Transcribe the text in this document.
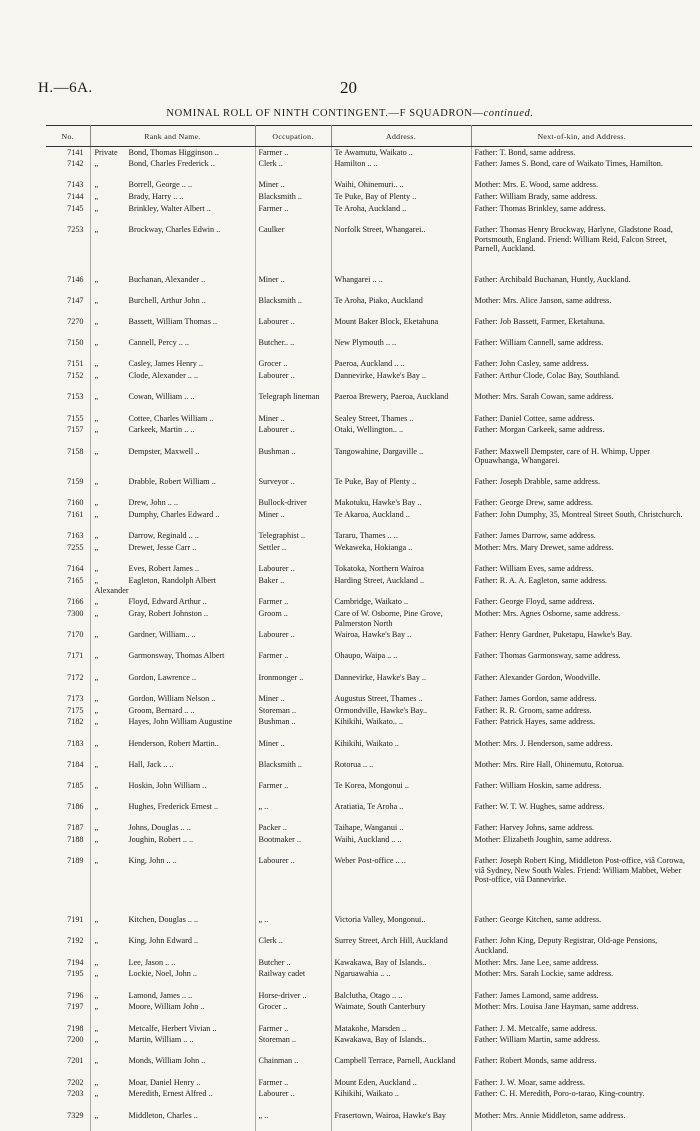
H.—6A.	20
NOMINAL ROLL OF NINTH CONTINGENT.—F SQUADRON—continued.
No.	Rank and Name.	Occupation.	Address.	Next-of-kin, and Address.
7141	Private Bond, Thomas Higginson ..	Farmer ..	Te Awamutu, Waikato ..	Father: T. Bond, same address.
7142	„ Bond, Charles Frederick ..	Clerk ..	Hamilton .. ..	Father: James S. Bond, care of Waikato Times, Hamilton.
7143	„ Borrell, George .. ..	Miner ..	Waihi, Ohinemuri.. ..	Mother: Mrs. E. Wood, same address.
7144	„ Brady, Harry .. ..	Blacksmith ..	Te Puke, Bay of Plenty ..	Father: William Brady, same address.
7145	„ Brinkley, Walter Albert ..	Farmer ..	Te Aroha, Auckland ..	Father: Thomas Brinkley, same address.
7253	„ Brockway, Charles Edwin ..	Caulker	Norfolk Street, Whangarei..	Father: Thomas Henry Brockway, Harlyne, Gladstone Road, Portsmouth, England. Friend: William Reid, Falcon Street, Parnell, Auckland.
7146	„ Buchanan, Alexander ..	Miner ..	Whangarei .. ..	Father: Archibald Buchanan, Huntly, Auckland.
7147	„ Burchell, Arthur John ..	Blacksmith ..	Te Aroha, Piako, Auckland	Mother: Mrs. Alice Janson, same address.
7270	„ Bassett, William Thomas ..	Labourer ..	Mount Baker Block, Eketahuna	Father: Job Bassett, Farmer, Eketahuna.
7150	„ Cannell, Percy .. ..	Butcher.. ..	New Plymouth .. ..	Father: William Cannell, same address.
7151	„ Casley, James Henry ..	Grocer ..	Paeroa, Auckland .. ..	Father: John Casley, same address.
7152	„ Clode, Alexander .. ..	Labourer ..	Dannevirke, Hawke's Bay ..	Father: Arthur Clode, Colac Bay, Southland.
7153	„ Cowan, William .. ..	Telegraph lineman	Paeroa Brewery, Paeroa, Auckland	Mother: Mrs. Sarah Cowan, same address.
7155	„ Cottee, Charles William ..	Miner ..	Sealey Street, Thames ..	Father: Daniel Cottee, same address.
7157	„ Carkeek, Martin .. ..	Labourer ..	Otaki, Wellington.. ..	Father: Morgan Carkeek, same address.
7158	„ Dempster, Maxwell ..	Bushman ..	Tangowahine, Dargaville ..	Father: Maxwell Dempster, care of H. Whimp, Upper Opuawhanga, Whangarei.
7159	„ Drabble, Robert William ..	Surveyor ..	Te Puke, Bay of Plenty ..	Father: Joseph Drabble, same address.
7160	„ Drew, John .. ..	Bullock-driver	Makotuku, Hawke's Bay ..	Father: George Drew, same address.
7161	„ Dumphy, Charles Edward ..	Miner ..	Te Akaroa, Auckland ..	Father: John Dumphy, 35, Montreal Street South, Christchurch.
7163	„ Darrow, Reginald .. ..	Telegraphist ..	Tararu, Thames .. ..	Father: James Darrow, same address.
7255	„ Drewet, Jesse Carr ..	Settler ..	Wekaweka, Hokianga ..	Mother: Mrs. Mary Drewet, same address.
7164	„ Eves, Robert James ..	Labourer ..	Tokatoka, Northern Wairoa	Father: William Eves, same address.
7165	„ Eagleton, Randolph Albert Alexander	Baker ..	Harding Street, Auckland ..	Father: R. A. A. Eagleton, same address.
7166	„ Floyd, Edward Arthur ..	Farmer ..	Cambridge, Waikato ..	Father: George Floyd, same address.
7300	„ Gray, Robert Johnston ..	Groom ..	Care of W. Osborne, Pine Grove, Palmerston North	Mother: Mrs. Agnes Osborne, same address.
7170	„ Gardner, William.. ..	Labourer ..	Wairoa, Hawke's Bay ..	Father: Henry Gardner, Puketapu, Hawke's Bay.
7171	„ Garmonsway, Thomas Albert	Farmer ..	Ohaupo, Waipa .. ..	Father: Thomas Garmonsway, same address.
7172	„ Gordon, Lawrence ..	Ironmonger ..	Dannevirke, Hawke's Bay ..	Father: Alexander Gordon, Woodville.
7173	„ Gordon, William Nelson ..	Miner ..	Augustus Street, Thames ..	Father: James Gordon, same address.
7175	„ Groom, Bernard .. ..	Storeman ..	Ormondville, Hawke's Bay..	Father: R. R. Groom, same address.
7182	„ Hayes, John William Augustine	Bushman ..	Kihikihi, Waikato.. ..	Father: Patrick Hayes, same address.
7183	„ Henderson, Robert Martin..	Miner ..	Kihikihi, Waikato ..	Mother: Mrs. J. Henderson, same address.
7184	„ Hall, Jack .. ..	Blacksmith ..	Rotorua .. ..	Mother: Mrs. Rire Hall, Ohinemutu, Rotorua.
7185	„ Hoskin, John William ..	Farmer ..	Te Korea, Mongonui ..	Father: William Hoskin, same address.
7186	„ Hughes, Frederick Ernest ..	„ ..	Aratiatia, Te Aroha ..	Father: W. T. W. Hughes, same address.
7187	„ Johns, Douglas .. ..	Packer ..	Taihape, Wanganui ..	Father: Harvey Johns, same address.
7188	„ Joughin, Robert .. ..	Bootmaker ..	Waihi, Auckland .. ..	Mother: Elizabeth Joughin, same address.
7189	„ King, John .. ..	Labourer ..	Weber Post-office .. ..	Father: Joseph Robert King, Middleton Post-office, viâ Corowa, viâ Sydney, New South Wales. Friend: William Mabbet, Weber Post-office, viâ Dannevirke.
7191	„ Kitchen, Douglas .. ..	„ ..	Victoria Valley, Mongonui..	Father: George Kitchen, same address.
7192	„ King, John Edward ..	Clerk ..	Surrey Street, Arch Hill, Auckland	Father: John King, Deputy Registrar, Old-age Pensions, Auckland.
7194	„ Lee, Jason .. ..	Butcher ..	Kawakawa, Bay of Islands..	Mother: Mrs. Jane Lee, same address.
7195	„ Lockie, Noel, John ..	Railway cadet	Ngaruawahia .. ..	Mother: Mrs. Sarah Lockie, same address.
7196	„ Lamond, James .. ..	Horse-driver ..	Balclutha, Otago .. ..	Father: James Lamond, same address.
7197	„ Moore, William John ..	Grocer ..	Waimate, South Canterbury	Mother: Mrs. Louisa Jane Hayman, same address.
7198	„ Metcalfe, Herbert Vivian ..	Farmer ..	Matakohe, Marsden ..	Father: J. M. Metcalfe, same address.
7200	„ Martin, William .. ..	Storeman ..	Kawakawa, Bay of Islands..	Father: William Martin, same address.
7201	„ Monds, William John ..	Chainman ..	Campbell Terrace, Parnell, Auckland	Father: Robert Monds, same address.
7202	„ Moar, Daniel Henry ..	Farmer ..	Mount Eden, Auckland ..	Father: J. W. Moar, same address.
7203	„ Meredith, Ernest Alfred ..	Labourer ..	Kihikihi, Waikato ..	Father: C. H. Meredith, Poro-o-tarao, King-country.
7329	„ Middleton, Charles ..	„ ..	Frasertown, Wairoa, Hawke's Bay	Mother: Mrs. Annie Middleton, same address.
